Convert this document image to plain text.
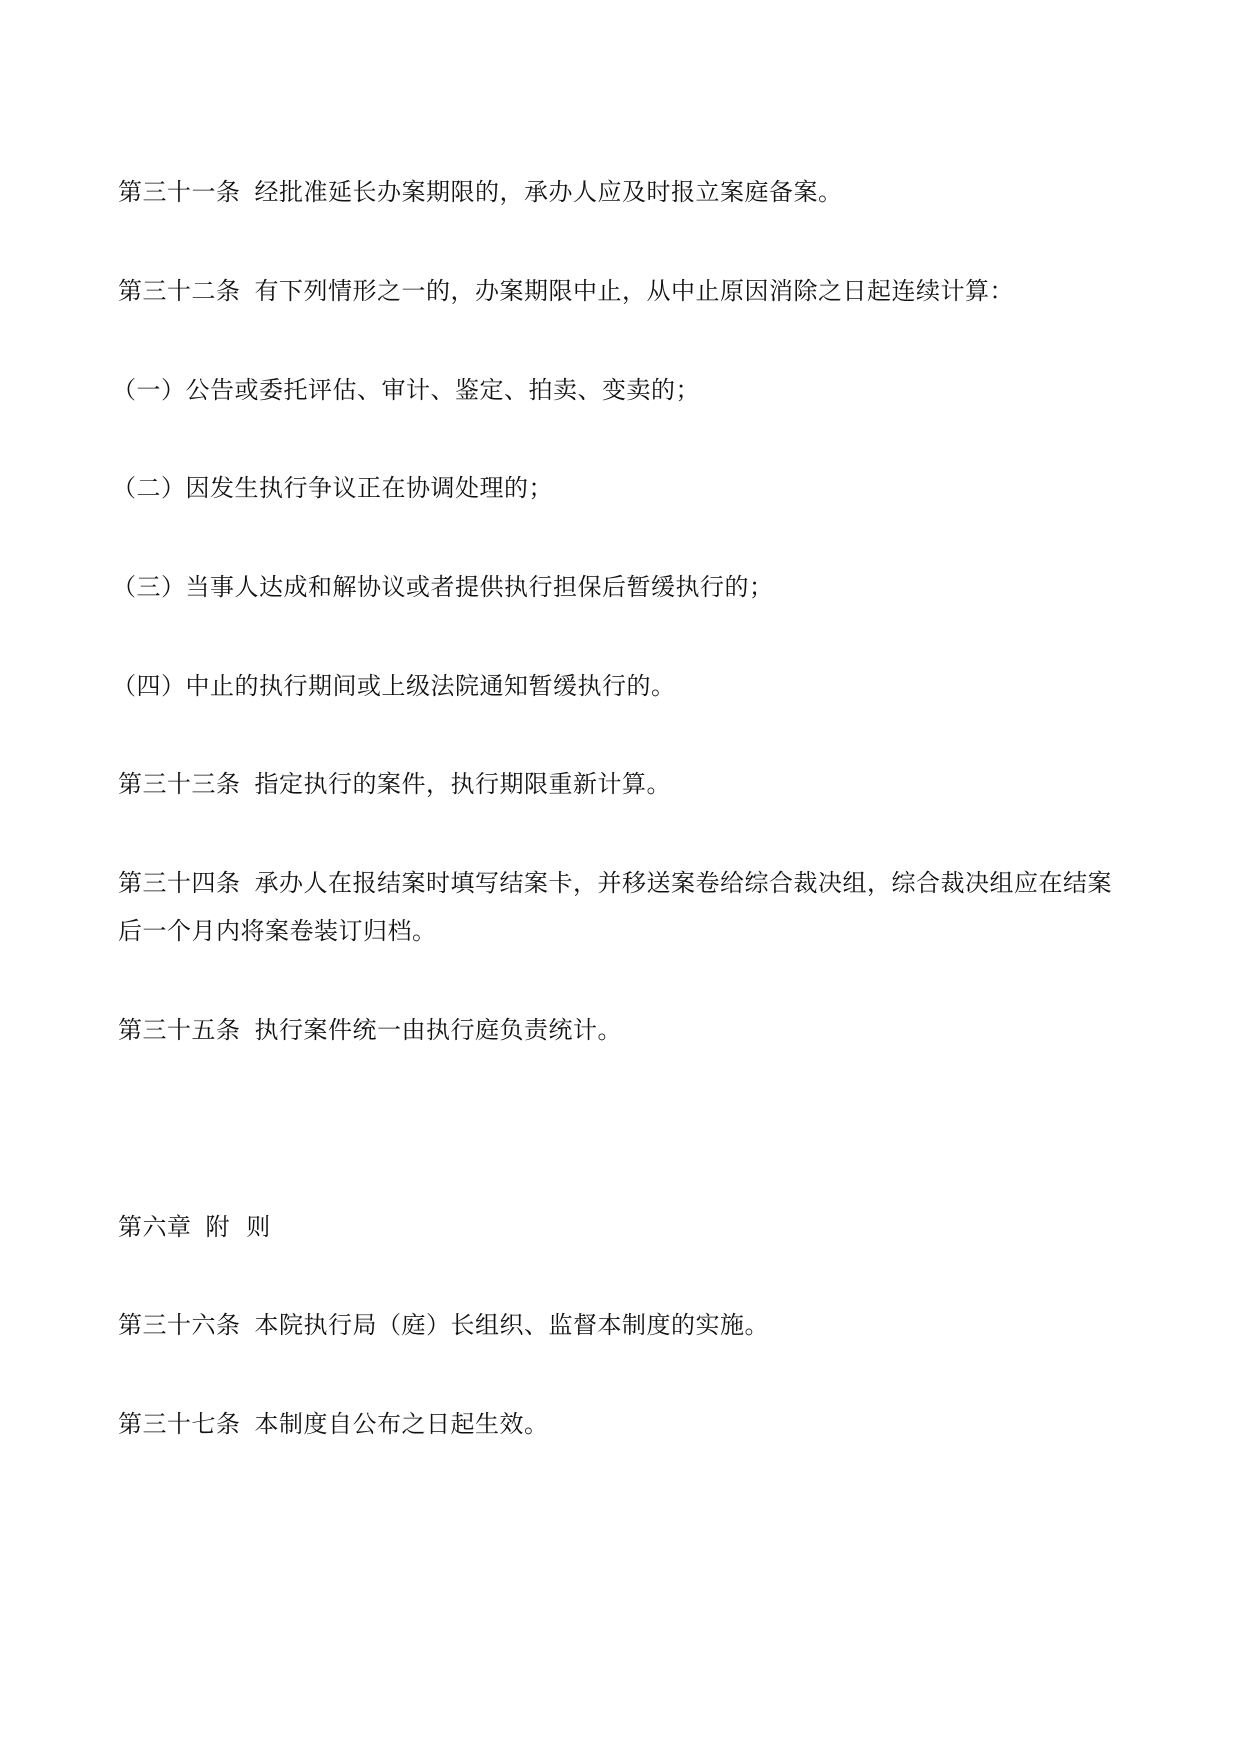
第三十一条 经批准延长办案期限的，承办人应及时报立案庭备案。
第三十二条 有下列情形之一的，办案期限中止，从中止原因消除之日起连续计算：
（一）公告或委托评估、审计、鉴定、拍卖、变卖的；
（二）因发生执行争议正在协调处理的；
（三）当事人达成和解协议或者提供执行担保后暂缓执行的；
（四）中止的执行期间或上级法院通知暂缓执行的。
第三十三条 指定执行的案件，执行期限重新计算。
第三十四条 承办人在报结案时填写结案卡，并移送案卷给综合裁决组，综合裁决组应在结案
后一个月内将案卷装订归档。
第三十五条 执行案件统一由执行庭负责统计。
第六章 附  则
第三十六条 本院执行局（庭）长组织、监督本制度的实施。
第三十七条 本制度自公布之日起生效。
